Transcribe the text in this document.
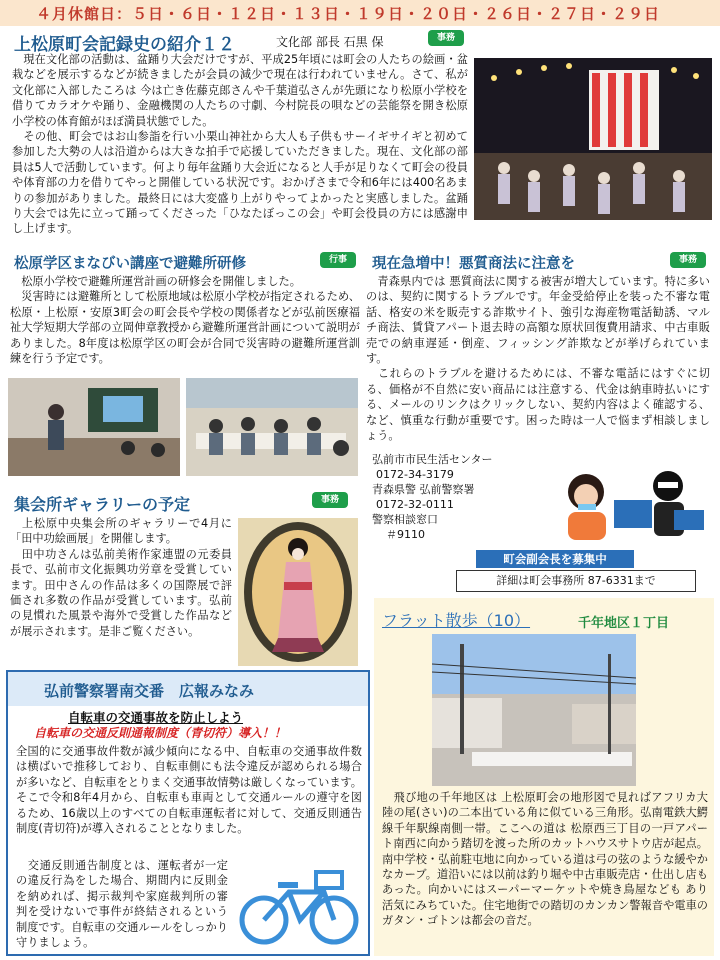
４月休館日：５日・６日・１２日・１３日・１９日・２０日・２６日・２７日・２９日
上松原町会記録史の紹介１２	文化部 部長 石黒 保	事務

　現在文化部の活動は、盆踊り大会だけですが、平成25年頃には町会の人たちの絵画・盆栽などを展示するなどが続きましたが会員の減少で現在は行われていません。さて、私が文化部に入部したころは 今は亡き佐藤克郎さんや千葉道弘さんが先頭になり松原小学校を借りてカラオケや踊り、金融機関の人たちの寸劇、今村院長の唄などの芸能祭を開き松原小学校の体育館がほぼ満員状態でした。

　その他、町会ではお山参詣を行い小栗山神社から大人も子供もサーイギサイギと初めて参加した大勢の人は沿道からは大きな拍手で応援していただきました。現在、文化部の部員は5人で活動しています。何より毎年盆踊り大会近になると人手が足りなくて町会の役員や体育部の力を借りてやっと開催している状況です。おかげさまで令和6年には400名あまりの参加がありました。最終日には大変盛り上がりやってよかったと実感しました。盆踊り大会では先に立って踊ってくださった「ひなたぼっこの会」や町会役員の方には感謝申し上げます。

松原学区まなびい講座で避難所研修	行事
　松原小学校で避難所運営計画の研修会を開催しました。
　災害時には避難所として松原地域は松原小学校が指定されるため、松原・上松原・安原3町会の町会長や学校の関係者などが弘前医療福祉大学短期大学部の立岡伸章教授から避難所運営計画について説明がありました。8年度は松原学区の町会が合同で災害時の避難所運営訓練を行う予定です。
現在急増中！悪質商法に注意を	事務
　青森県内では 悪質商法に関する被害が増大しています。特に多いのは、契約に関するトラブルです。年金受給停止を装った不審な電話、格安の米を販売する詐欺サイト、強引な海産物電話勧誘、マルチ商法、賃貸アパート退去時の高額な原状回復費用請求、中古車販売での納車遅延・倒産、フィッシング詐欺などが挙げられています。
　これらのトラブルを避けるためには、不審な電話にはすぐに切る、価格が不自然に安い商品には注意する、代金は納車時払いにする、メールのリンクはクリックしない、契約内容はよく確認する、など、慎重な行動が重要です。困った時は一人で悩まず相談しましょう。
弘前市市民生活センター
0172-34-3179
青森県警 弘前警察署
0172-32-0111
警察相談窓口
＃9110
町会副会長を募集中
詳細は町会事務所 87-6331まで
集会所ギャラリーの予定	事務
　上松原中央集会所のギャラリーで4月に「田中功絵画展」を開催します。
　田中功さんは弘前美術作家連盟の元委員長で、弘前市文化振興功労章を受賞しています。田中さんの作品は多くの国際展で評価され多数の作品が受賞しています。弘前の見慣れた風景や海外で受賞した作品などが展示されます。是非ご覧ください。
弘前警察署南交番　広報みなみ
自転車の交通事故を防止しよう
自転車の交通反則通報制度（青切符）導入！！
全国的に交通事故件数が減少傾向になる中、自転車の交通事故件数は横ばいで推移しており、自転車側にも法令違反が認められる場合が多いなど、自転車をとりまく交通事故情勢は厳しくなっています。そこで令和8年4月から、自転車も車両として交通ルールの遵守を図るため、16歳以上のすべての自転車運転者に対して、交通反則通告制度(青切符)が導入されることとなりました。
　交通反則通告制度とは、運転者が一定の違反行為をした場合、期間内に反則金を納めれば、掲示裁判や家庭裁判所の審判を受けないで事件が終結されるという制度です。自転車の交通ルールをしっかり守りましょう。
フラット散歩（10）	千年地区１丁目
　飛び地の千年地区は 上松原町会の地形図で見ればアフリカ大陸の尾(さい)の二本出ている角に似ている三角形。弘南電鉄大鰐線千年駅線南側一帯。ここへの道は 松原西三丁目の一戸アパート南西に向かう踏切を渡った所のカットハウスサトウ店が起点。南中学校・弘前駐屯地に向かっている道は弓の弦のような緩やかなカーブ。道沿いには以前は釣り堀や中古車販売店・仕出し店もあった。向かいにはスーパーマーケットや焼き鳥屋なども あり活気にみちていた。住宅地街での踏切のカンカン警報音や電車のガタン・ゴトンは都会の音だ。
